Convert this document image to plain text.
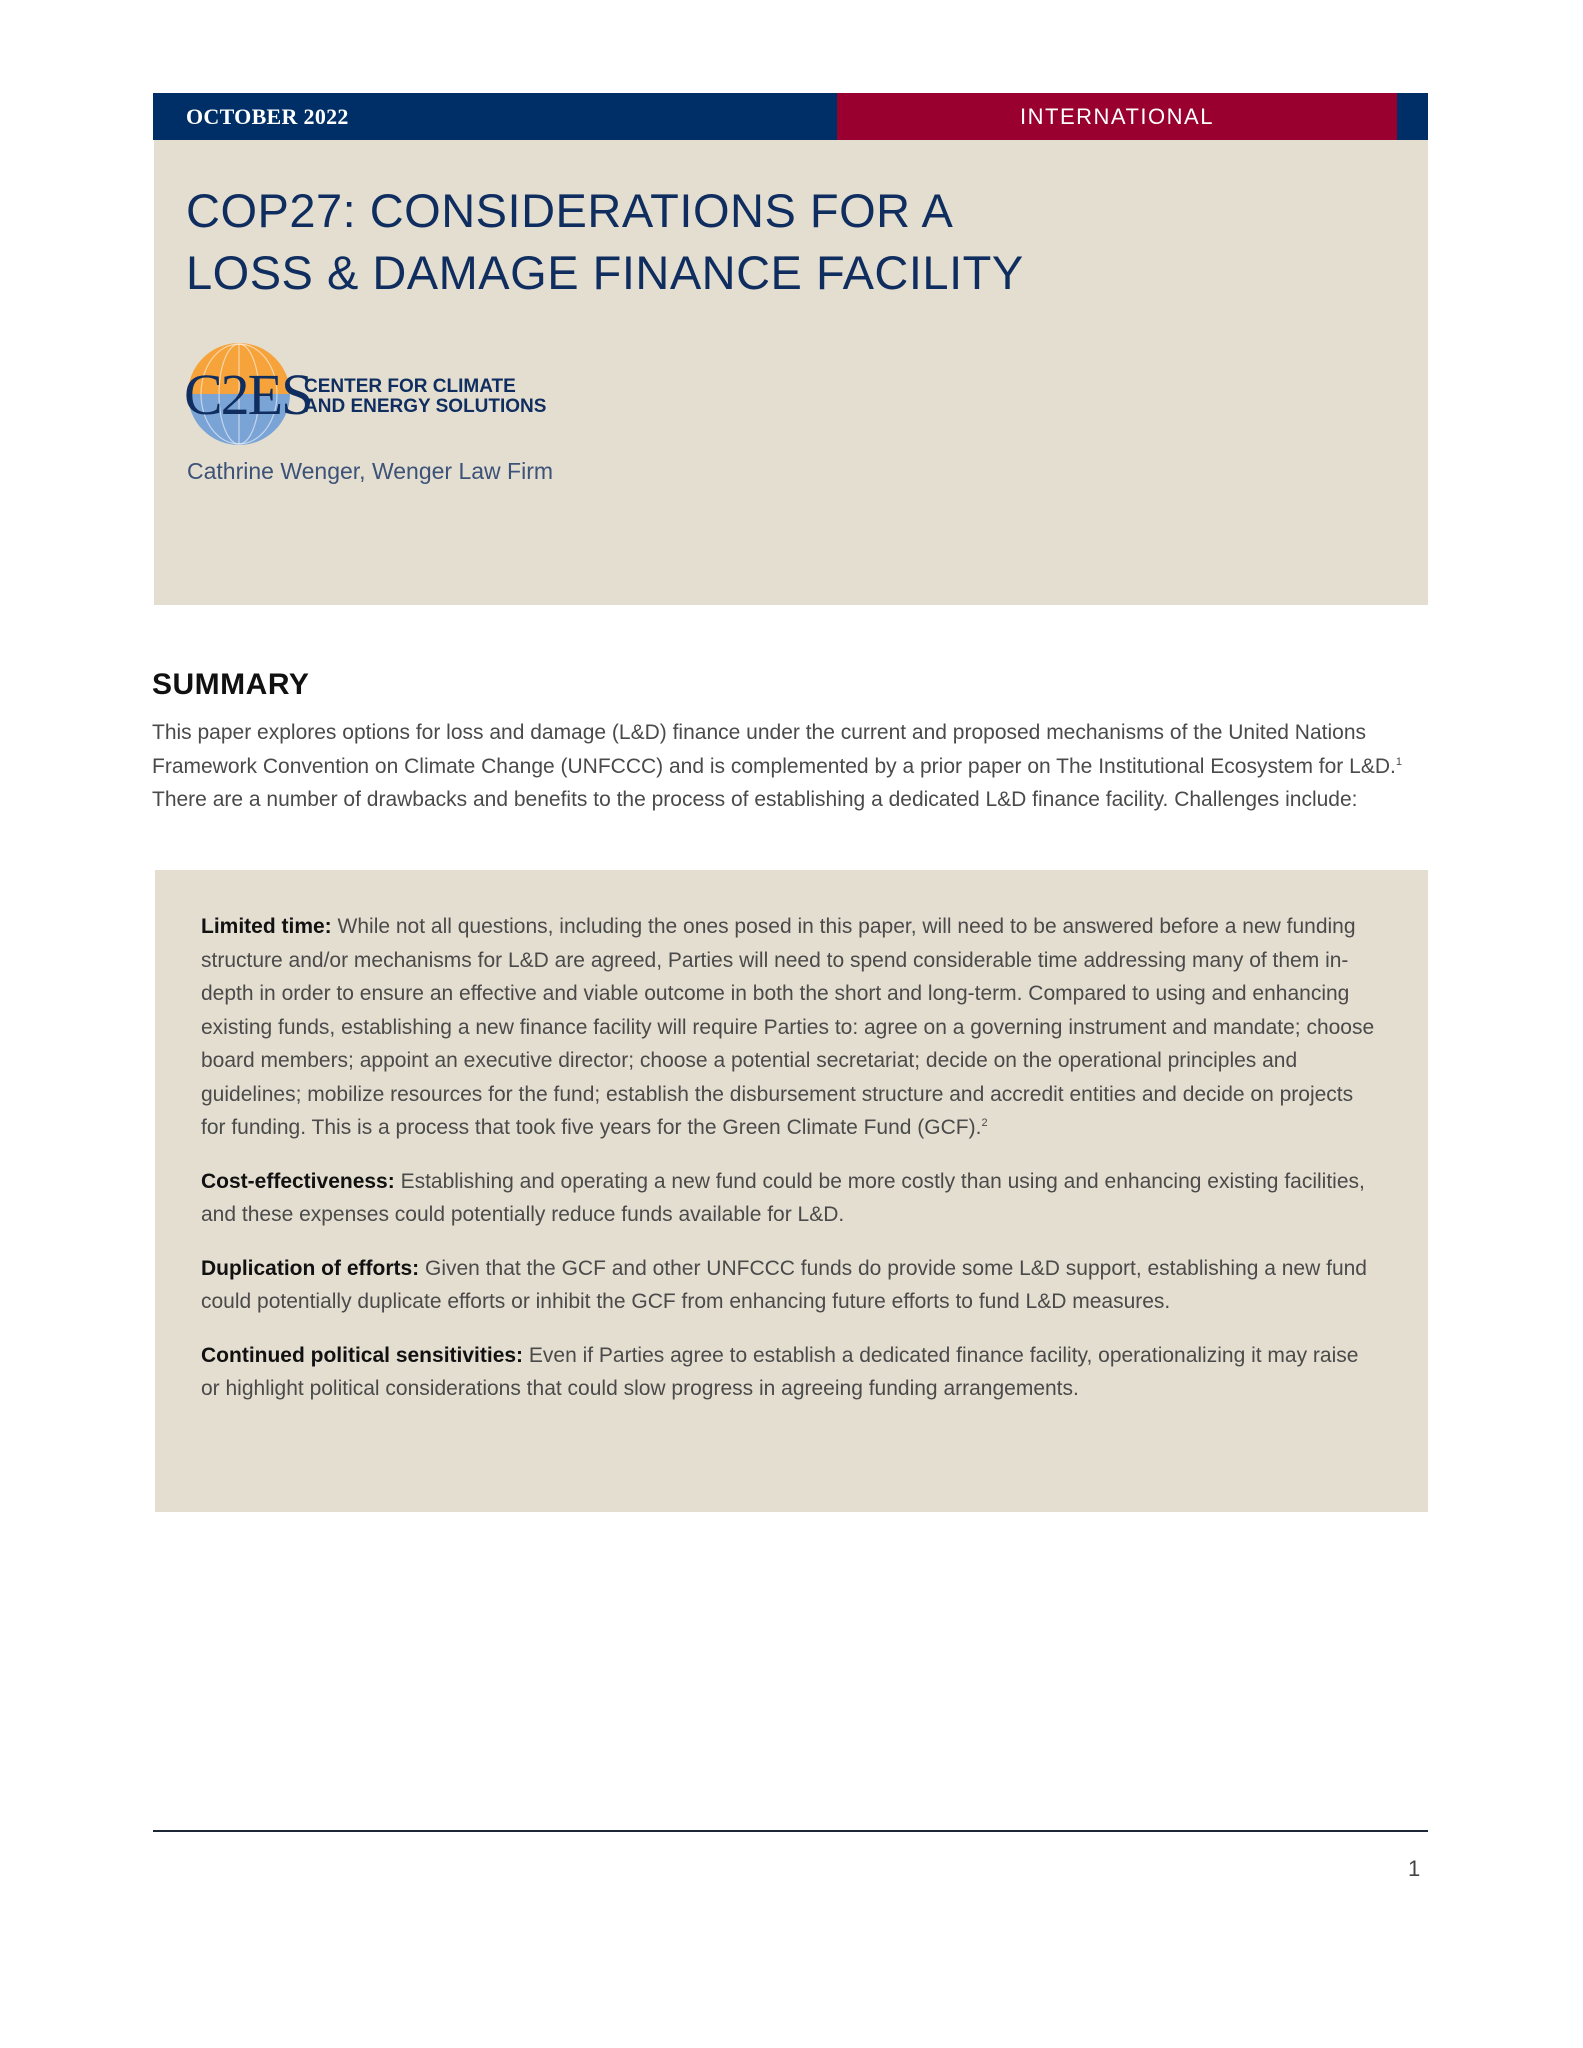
OCTOBER 2022	INTERNATIONAL
COP27: CONSIDERATIONS FOR A
LOSS & DAMAGE FINANCE FACILITY
C2ES
CENTER FOR CLIMATE
AND ENERGY SOLUTIONS
Cathrine Wenger, Wenger Law Firm
SUMMARY

This paper explores options for loss and damage (L&D) finance under the current and proposed mechanisms of the United Nations Framework Convention on Climate Change (UNFCCC) and is complemented by a prior paper on The Institutional Ecosystem for L&D.$^1$ There are a number of drawbacks and benefits to the process of establishing a dedicated L&D finance facility. Challenges include:

Limited time: While not all questions, including the ones posed in this paper, will need to be answered before a new funding structure and/or mechanisms for L&D are agreed, Parties will need to spend considerable time addressing many of them in-depth in order to ensure an effective and viable outcome in both the short and long-term. Compared to using and enhancing existing funds, establishing a new finance facility will require Parties to: agree on a governing instrument and mandate; choose board members; appoint an executive director; choose a potential secretariat; decide on the operational principles and guidelines; mobilize resources for the fund; establish the disbursement structure and accredit entities and decide on projects for funding. This is a process that took five years for the Green Climate Fund (GCF).$^2$

Cost-effectiveness: Establishing and operating a new fund could be more costly than using and enhancing existing facilities, and these expenses could potentially reduce funds available for L&D.

Duplication of efforts: Given that the GCF and other UNFCCC funds do provide some L&D support, establishing a new fund could potentially duplicate efforts or inhibit the GCF from enhancing future efforts to fund L&D measures.

Continued political sensitivities: Even if Parties agree to establish a dedicated finance facility, operationalizing it may raise or highlight political considerations that could slow progress in agreeing funding arrangements.

1
